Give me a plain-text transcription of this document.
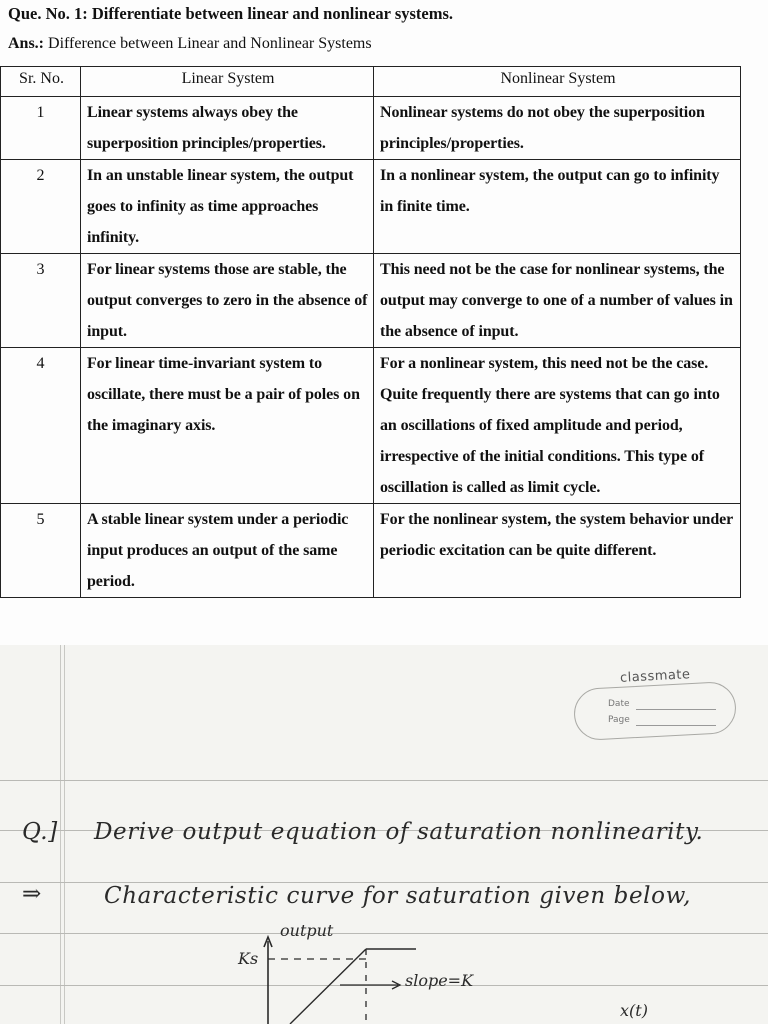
Que. No. 1: Differentiate between linear and nonlinear systems.
Ans.: Difference between Linear and Nonlinear Systems
Sr. No.	Linear System	Nonlinear System
1	Linear systems always obey the superposition principles/properties.	Nonlinear systems do not obey the superposition principles/properties.
2	In an unstable linear system, the output goes to infinity as time approaches infinity.	In a nonlinear system, the output can go to infinity in finite time.
3	For linear systems those are stable, the output converges to zero in the absence of input.	This need not be the case for nonlinear systems, the output may converge to one of a number of values in the absence of input.
4	For linear time-invariant system to oscillate, there must be a pair of poles on the imaginary axis.	For a nonlinear system, this need not be the case. Quite frequently there are systems that can go into an oscillations of fixed amplitude and period, irrespective of the initial conditions. This type of oscillation is called as limit cycle.
5	A stable linear system under a periodic input produces an output of the same period.	For the nonlinear system, the system behavior under periodic excitation can be quite different.
classmate
Date
Page
Q.] Derive output equation of saturation nonlinearity.
⇒	Characteristic curve for saturation given below,
output
Ks
slope=K
x(t)
